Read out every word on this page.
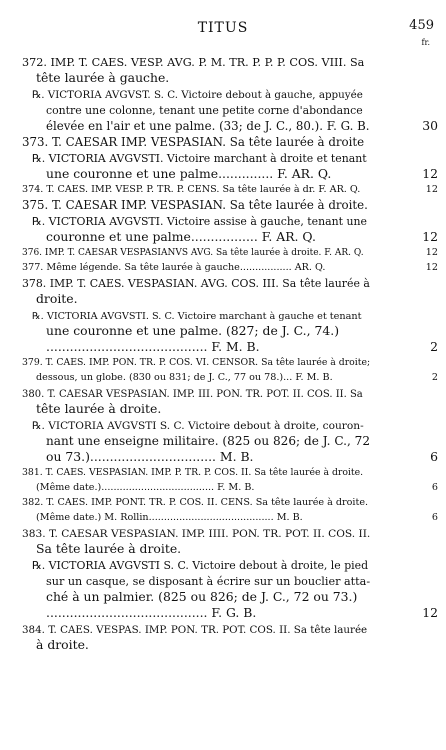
TITUS	459
fr.
372. IMP. T. CAES. VESP. AVG. P. M. TR. P. P. P. COS. VIII. Sa
tête laurée à gauche.
℞. VICTORIA AVGVST. S. C. Victoire debout à gauche, appuyée
contre une colonne, tenant une petite corne d'abondance
élevée en l'air et une palme. (33; de J. C., 80.). F. G. B.	30
373. T. CAESAR IMP. VESPASIAN. Sa tête laurée à droite
℞. VICTORIA AVGVSTI. Victoire marchant à droite et tenant
une couronne et une palme.............. F. AR. Q.	12
374. T. CAES. IMP. VESP. P. TR. P. CENS. Sa tête laurée à dr. F. AR. Q.	12
375. T. CAESAR IMP. VESPASIAN. Sa tête laurée à droite.
℞. VICTORIA AVGVSTI. Victoire assise à gauche, tenant une
couronne et une palme................. F. AR. Q.	12
376. IMP. T. CAESAR VESPASIANVS AVG. Sa tête laurée à droite. F. AR. Q.	12
377. Même légende. Sa tête laurée à gauche................. AR. Q.	12
378. IMP. T. CAES. VESPASIAN. AVG. COS. III. Sa tête laurée à
droite.
℞. VICTORIA AVGVSTI. S. C. Victoire marchant à gauche et tenant
une couronne et une palme. (827; de J. C., 74.)
......................................... F. M. B.	2
379. T. CAES. IMP. PON. TR. P. COS. VI. CENSOR. Sa tête laurée à droite;
dessous, un globe. (830 ou 831; de J. C., 77 ou 78.)... F. M. B.	2
380. T. CAESAR VESPASIAN. IMP. III. PON. TR. POT. II. COS. II. Sa
tête laurée à droite.
℞. VICTORIA AVGVSTI S. C. Victoire debout à droite, couron-
nant une enseigne militaire. (825 ou 826; de J. C., 72
ou 73.)................................ M. B.	6
381. T. CAES. VESPASIAN. IMP. P. TR. P. COS. II. Sa tête laurée à droite.
(Même date.)..................................... F. M. B.	6
382. T. CAES. IMP. PONT. TR. P. COS. II. CENS. Sa tête laurée à droite.
(Même date.) M. Rollin......................................... M. B.	6
383. T. CAESAR VESPASIAN. IMP. IIII. PON. TR. POT. II. COS. II.
Sa tête laurée à droite.
℞. VICTORIA AVGVSTI S. C. Victoire debout à droite, le pied
sur un casque, se disposant à écrire sur un bouclier atta-
ché à un palmier. (825 ou 826; de J. C., 72 ou 73.)
......................................... F. G. B.	12
384. T. CAES. VESPAS. IMP. PON. TR. POT. COS. II. Sa tête laurée
à droite.
